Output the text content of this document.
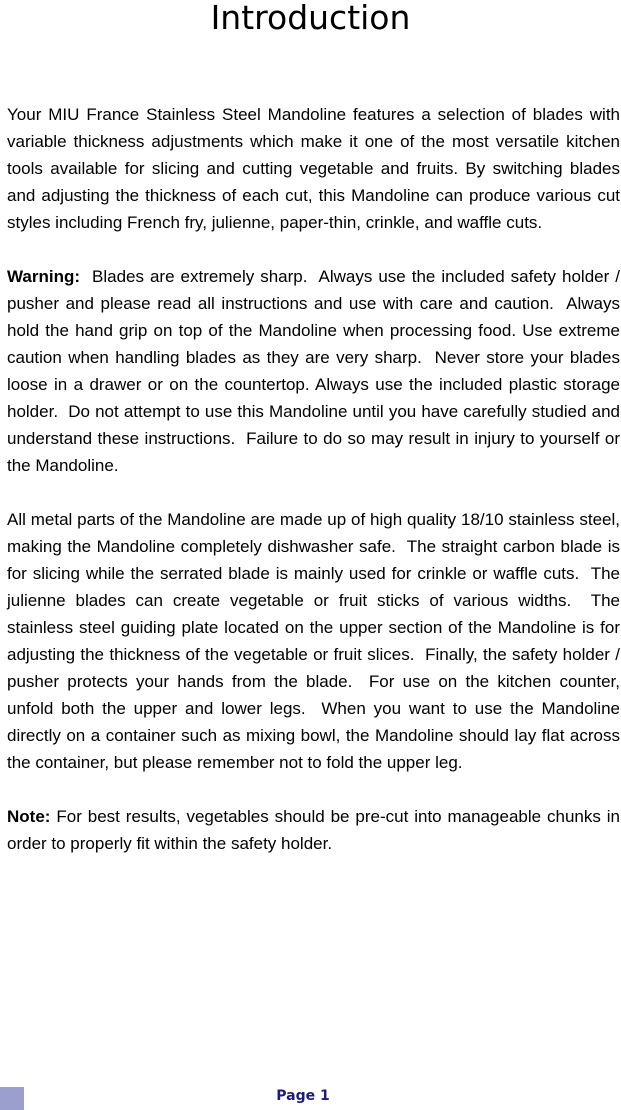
Introduction

Your MIU France Stainless Steel Mandoline features a selection of blades with variable thickness adjustments which make it one of the most versatile kitchen tools available for slicing and cutting vegetable and fruits. By switching blades and adjusting the thickness of each cut, this Mandoline can produce various cut styles including French fry, julienne, paper-thin, crinkle, and waffle cuts.

Warning:  Blades are extremely sharp.  Always use the included safety holder / pusher and please read all instructions and use with care and caution.  Always hold the hand grip on top of the Mandoline when processing food. Use extreme caution when handling blades as they are very sharp.  Never store your blades loose in a drawer or on the countertop. Always use the included plastic storage holder.  Do not attempt to use this Mandoline until you have carefully studied and understand these instructions.  Failure to do so may result in injury to yourself or the Mandoline.

All metal parts of the Mandoline are made up of high quality 18/10 stainless steel, making the Mandoline completely dishwasher safe.  The straight carbon blade is for slicing while the serrated blade is mainly used for crinkle or waffle cuts.  The julienne blades can create vegetable or fruit sticks of various widths.  The stainless steel guiding plate located on the upper section of the Mandoline is for adjusting the thickness of the vegetable or fruit slices.  Finally, the safety holder / pusher protects your hands from the blade.  For use on the kitchen counter, unfold both the upper and lower legs.  When you want to use the Mandoline directly on a container such as mixing bowl, the Mandoline should lay flat across the container, but please remember not to fold the upper leg.

Note: For best results, vegetables should be pre-cut into manageable chunks in order to properly fit within the safety holder.

Page 1
